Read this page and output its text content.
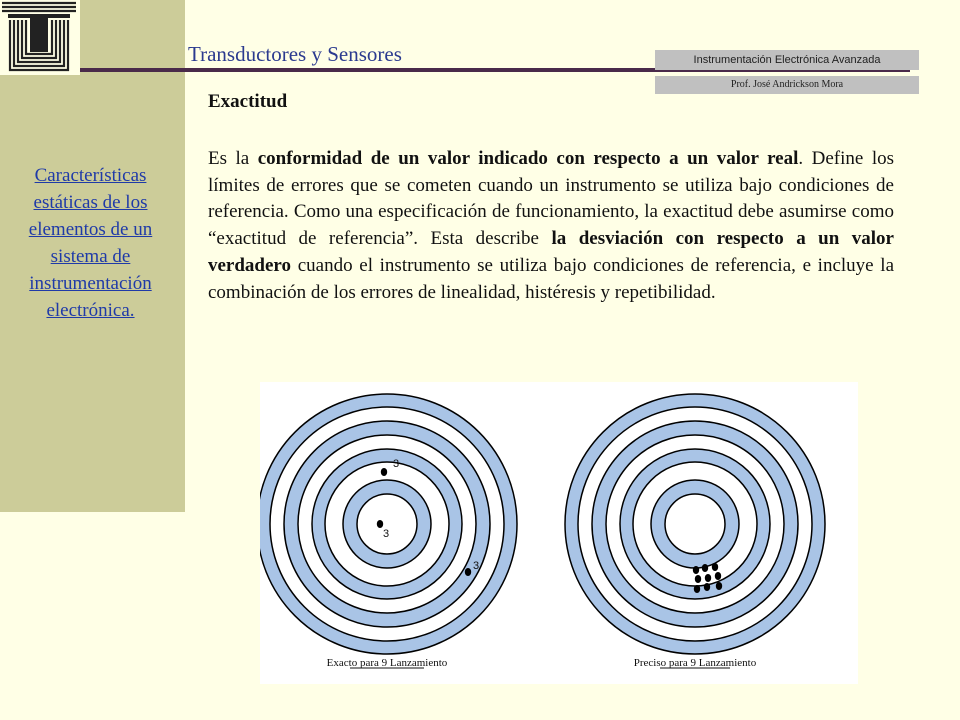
Transductores y Sensores	Instrumentación Electrónica Avanzada
Prof. José Andrickson Mora
Características estáticas de los elementos de un sistema de instrumentación electrónica.
Exactitud
Es la conformidad de un valor indicado con respecto a un valor real. Define los límites de errores que se cometen cuando un instrumento se utiliza bajo condiciones de referencia. Como una especificación de funcionamiento, la exactitud debe asumirse como “exactitud de referencia”. Esta describe la desviación con respecto a un valor verdadero cuando el instrumento se utiliza bajo condiciones de referencia, e incluye la combinación de los errores de linealidad, histéresis y repetibilidad.
3
3
3
Exacto para 9 Lanzamiento	Preciso para 9 Lanzamiento
